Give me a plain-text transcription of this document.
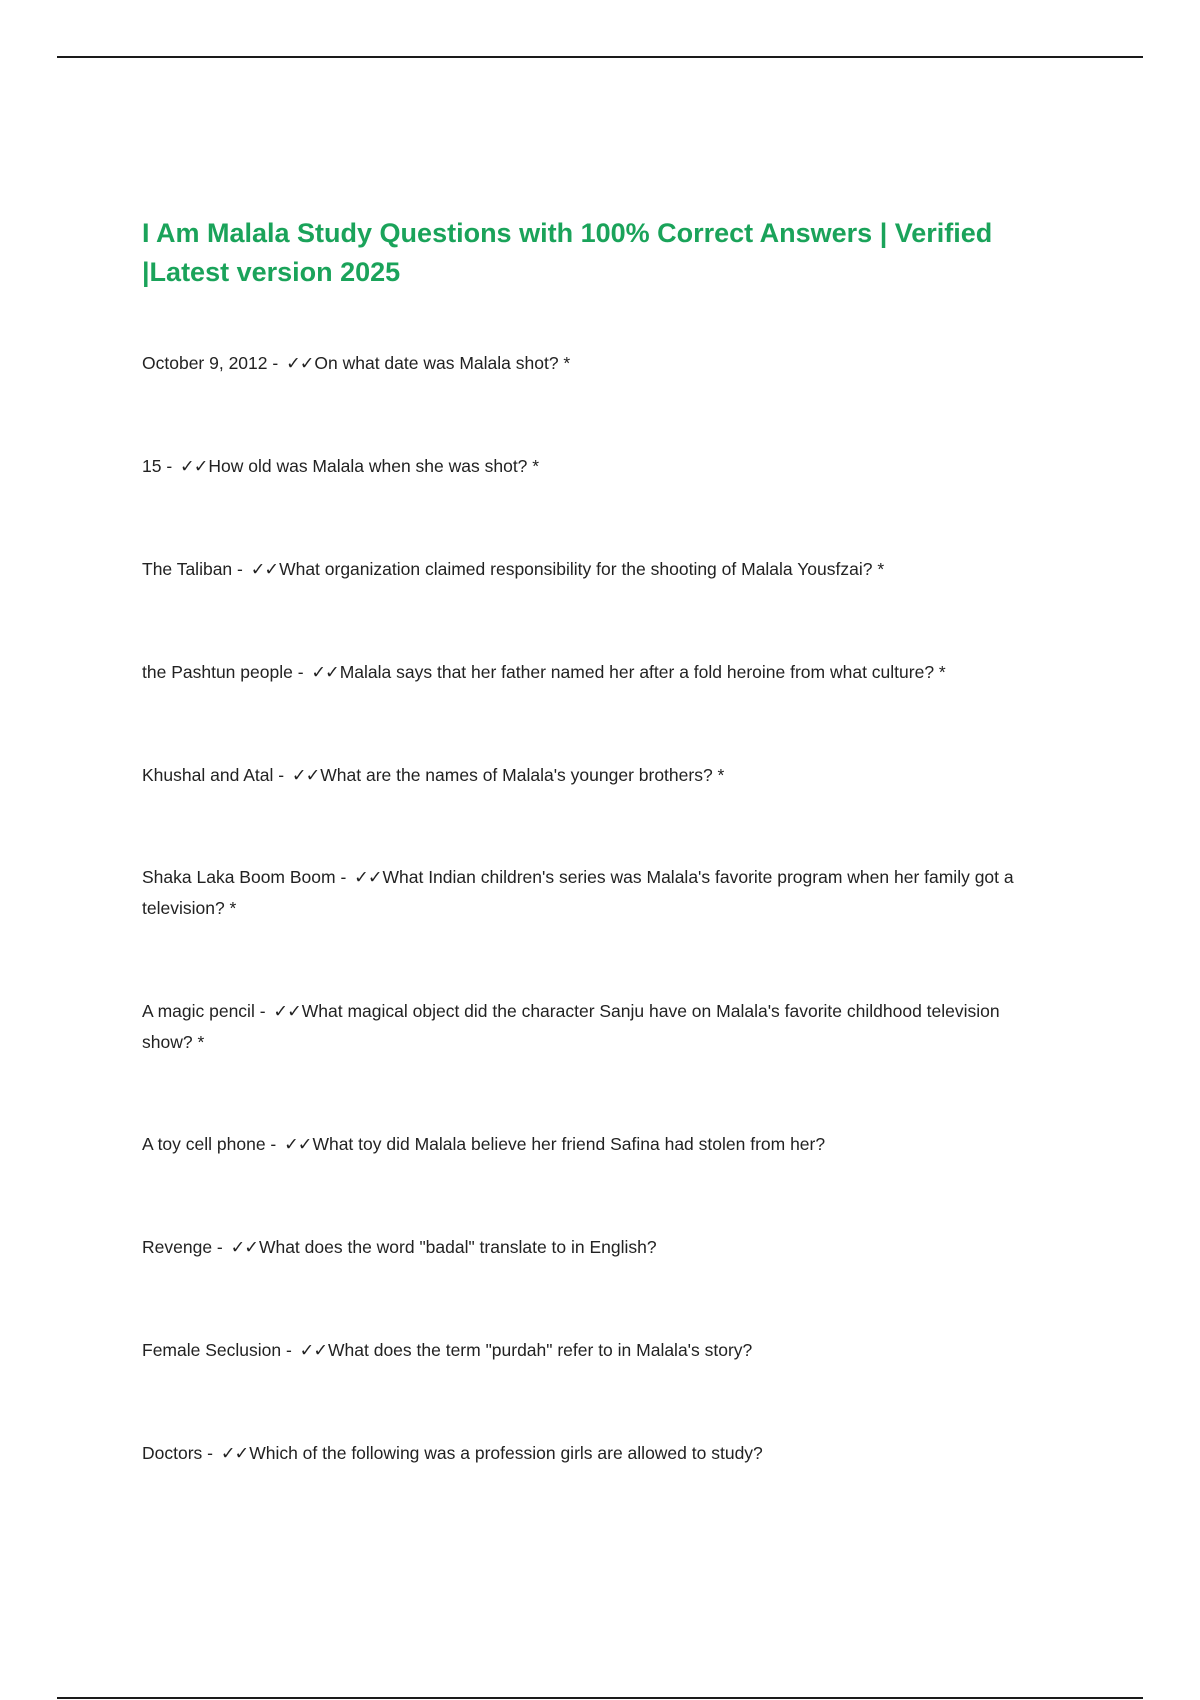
I Am Malala Study Questions with 100% Correct Answers | Verified |Latest version 2025

October 9, 2012 - ✓✓On what date was Malala shot? *

15 - ✓✓How old was Malala when she was shot? *

The Taliban - ✓✓What organization claimed responsibility for the shooting of Malala Yousfzai? *

the Pashtun people - ✓✓Malala says that her father named her after a fold heroine from what culture? *

Khushal and Atal - ✓✓What are the names of Malala's younger brothers? *

Shaka Laka Boom Boom - ✓✓What Indian children's series was Malala's favorite program when her family got a television? *

A magic pencil - ✓✓What magical object did the character Sanju have on Malala's favorite childhood television show? *

A toy cell phone - ✓✓What toy did Malala believe her friend Safina had stolen from her?

Revenge - ✓✓What does the word "badal" translate to in English?

Female Seclusion - ✓✓What does the term "purdah" refer to in Malala's story?

Doctors - ✓✓Which of the following was a profession girls are allowed to study?
